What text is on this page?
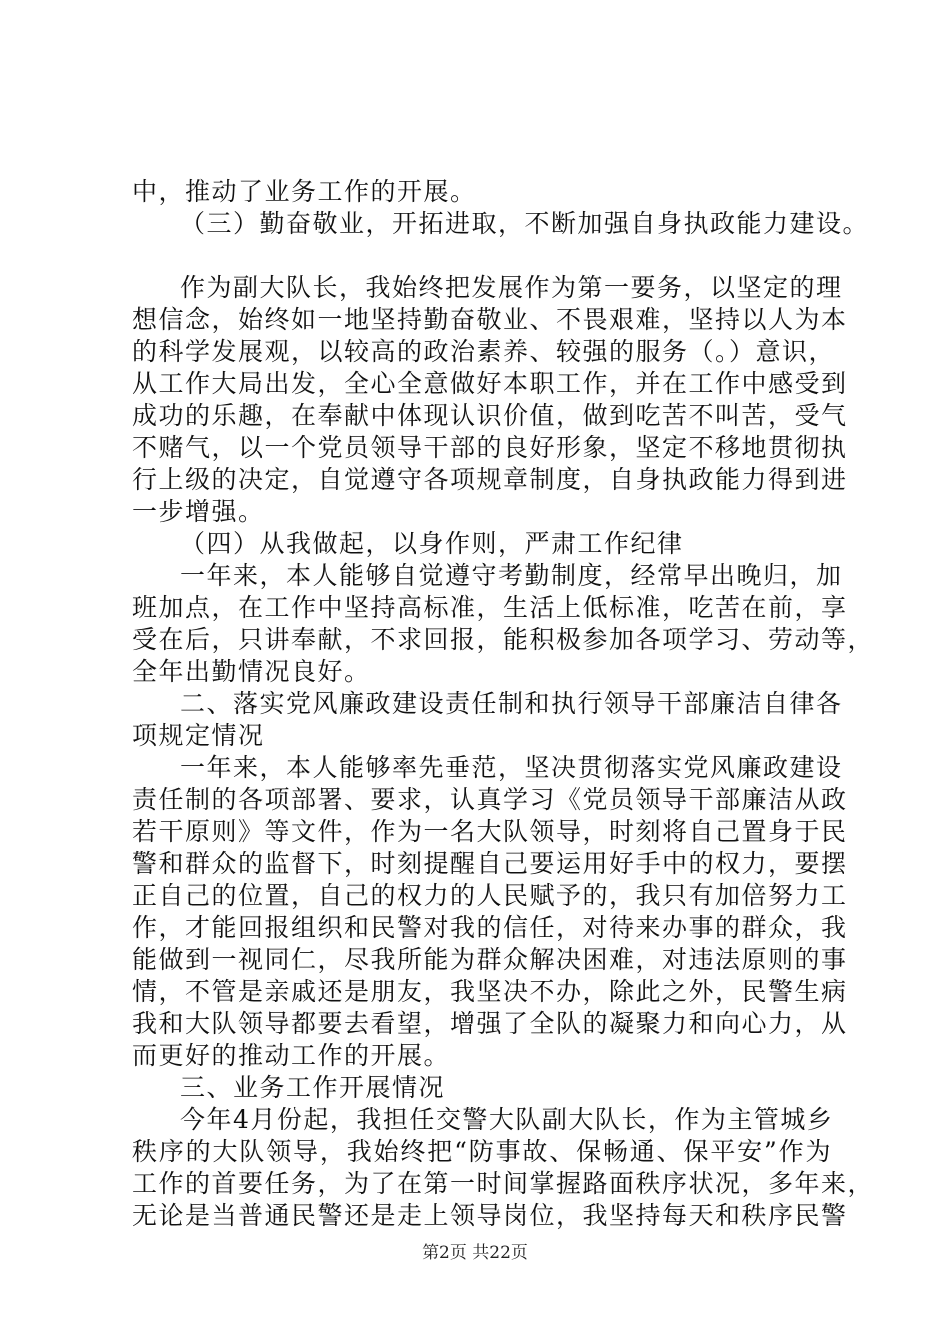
中，推动了业务工作的开展。
（三）勤奋敬业，开拓进取，不断加强自身执政能力建设。
作为副大队长，我始终把发展作为第一要务，以坚定的理
想信念，始终如一地坚持勤奋敬业、不畏艰难，坚持以人为本
的科学发展观，以较高的政治素养、较强的服务（。）意识，
从工作大局出发，全心全意做好本职工作，并在工作中感受到
成功的乐趣，在奉献中体现认识价值，做到吃苦不叫苦，受气
不赌气，以一个党员领导干部的良好形象，坚定不移地贯彻执
行上级的决定，自觉遵守各项规章制度，自身执政能力得到进
一步增强。
（四）从我做起，以身作则，严肃工作纪律
一年来，本人能够自觉遵守考勤制度，经常早出晚归，加
班加点，在工作中坚持高标准，生活上低标准，吃苦在前，享
受在后，只讲奉献，不求回报，能积极参加各项学习、劳动等，
全年出勤情况良好。
二、落实党风廉政建设责任制和执行领导干部廉洁自律各
项规定情况
一年来，本人能够率先垂范，坚决贯彻落实党风廉政建设
责任制的各项部署、要求，认真学习《党员领导干部廉洁从政
若干原则》等文件，作为一名大队领导，时刻将自己置身于民
警和群众的监督下，时刻提醒自己要运用好手中的权力，要摆
正自己的位置，自己的权力的人民赋予的，我只有加倍努力工
作，才能回报组织和民警对我的信任，对待来办事的群众，我
能做到一视同仁，尽我所能为群众解决困难，对违法原则的事
情，不管是亲戚还是朋友，我坚决不办，除此之外，民警生病
我和大队领导都要去看望，增强了全队的凝聚力和向心力，从
而更好的推动工作的开展。
三、业务工作开展情况
今年4月份起，我担任交警大队副大队长，作为主管城乡
秩序的大队领导，我始终把“防事故、保畅通、保平安”作为
工作的首要任务，为了在第一时间掌握路面秩序状况，多年来，
无论是当普通民警还是走上领导岗位，我坚持每天和秩序民警
第2页 共22页
